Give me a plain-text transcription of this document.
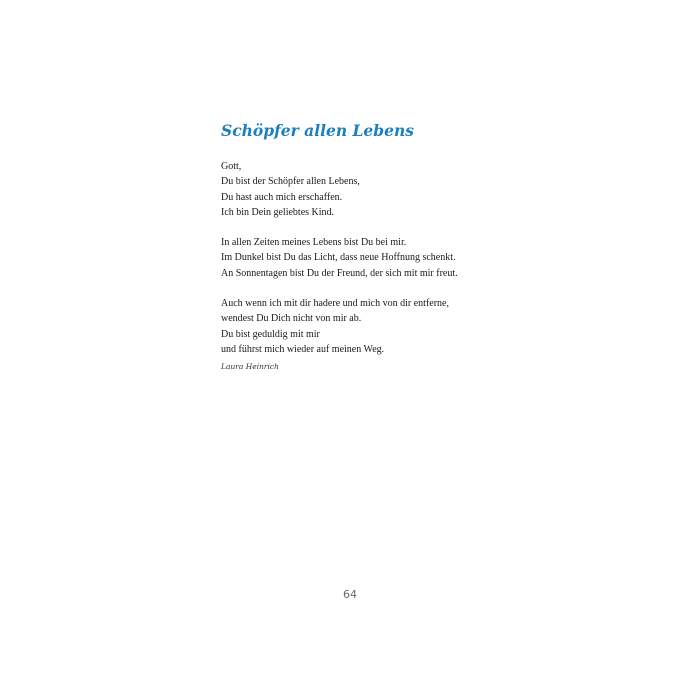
Schöpfer allen Lebens
Gott,
Du bist der Schöpfer allen Lebens,
Du hast auch mich erschaffen.
Ich bin Dein geliebtes Kind.
In allen Zeiten meines Lebens bist Du bei mir.
Im Dunkel bist Du das Licht, dass neue Hoffnung schenkt.
An Sonnentagen bist Du der Freund, der sich mit mir freut.
Auch wenn ich mit dir hadere und mich von dir entferne,
wendest Du Dich nicht von mir ab.
Du bist geduldig mit mir
und führst mich wieder auf meinen Weg.
Laura Heinrich
64
